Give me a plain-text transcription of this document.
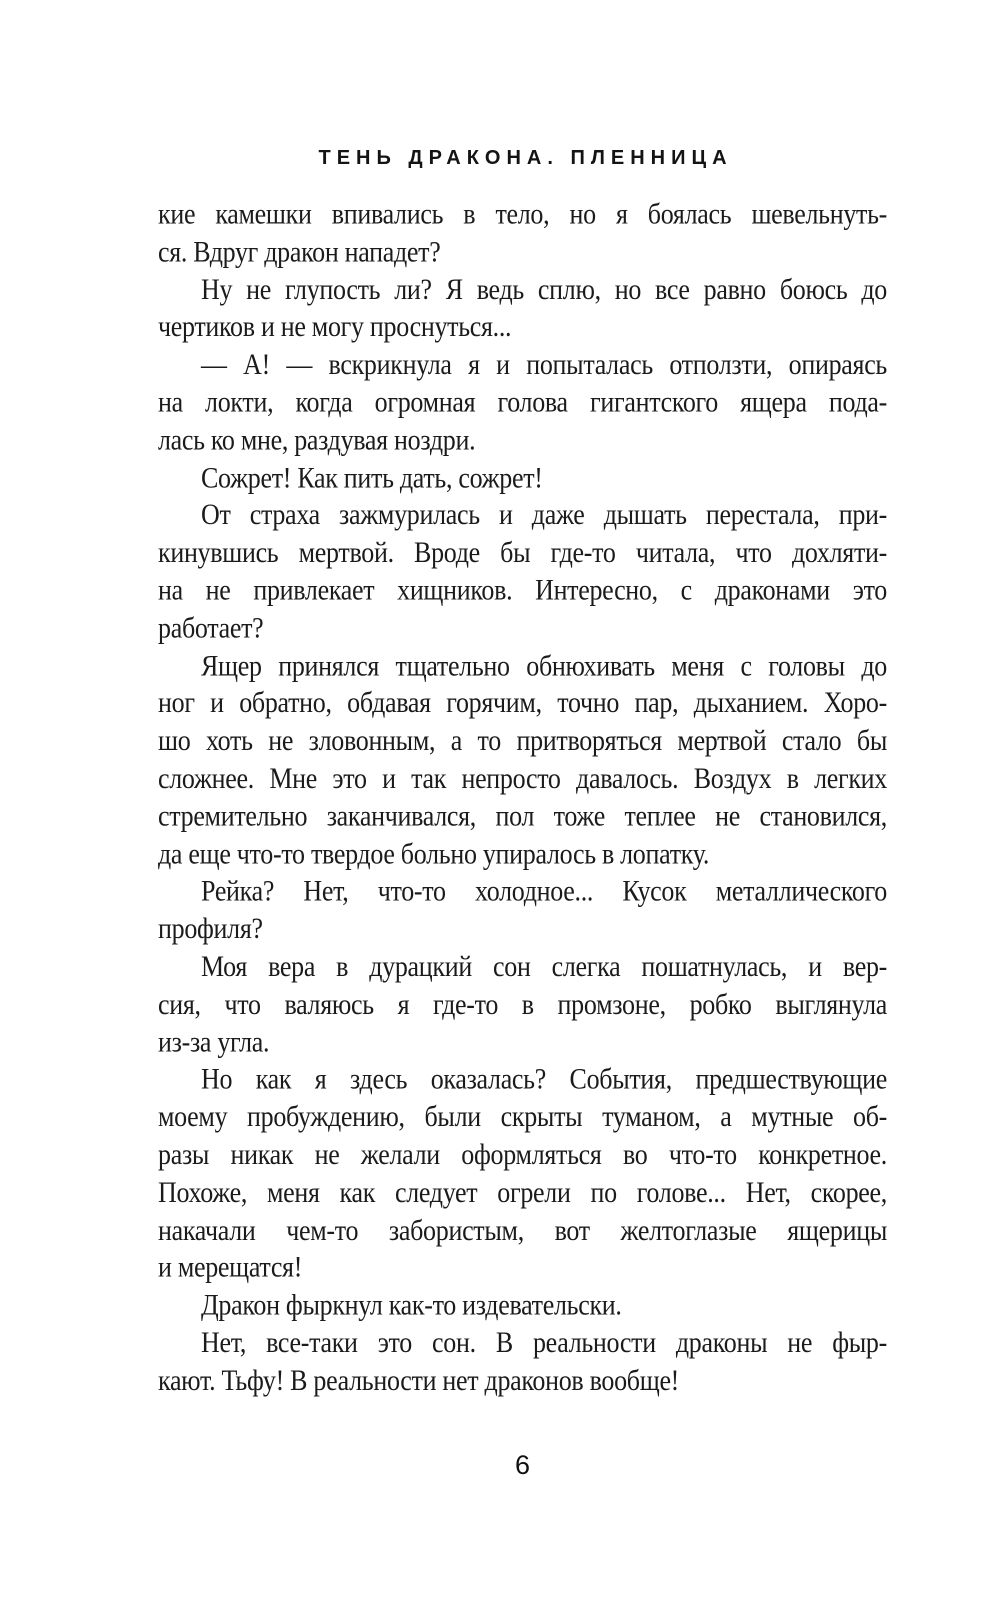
ТЕНЬ ДРАКОНА. ПЛЕННИЦА
кие камешки впивались в тело, но я боялась шевельнуть-
ся. Вдруг дракон нападет?
Ну не глупость ли? Я ведь сплю, но все равно боюсь до
чертиков и не могу проснуться...
— А! — вскрикнула я и попыталась отползти, опираясь
на локти, когда огромная голова гигантского ящера пода-
лась ко мне, раздувая ноздри.
Сожрет! Как пить дать, сожрет!
От страха зажмурилась и даже дышать перестала, при-
кинувшись мертвой. Вроде бы где-то читала, что дохляти-
на не привлекает хищников. Интересно, с драконами это
работает?
Ящер принялся тщательно обнюхивать меня с головы до
ног и обратно, обдавая горячим, точно пар, дыханием. Хоро-
шо хоть не зловонным, а то притворяться мертвой стало бы
сложнее. Мне это и так непросто давалось. Воздух в легких
стремительно заканчивался, пол тоже теплее не становился,
да еще что-то твердое больно упиралось в лопатку.
Рейка? Нет, что-то холодное... Кусок металлического
профиля?
Моя вера в дурацкий сон слегка пошатнулась, и вер-
сия, что валяюсь я где-то в промзоне, робко выглянула
из-за угла.
Но как я здесь оказалась? События, предшествующие
моему пробуждению, были скрыты туманом, а мутные об-
разы никак не желали оформляться во что-то конкретное.
Похоже, меня как следует огрели по голове... Нет, скорее,
накачали чем-то забористым, вот желтоглазые ящерицы
и мерещатся!
Дракон фыркнул как-то издевательски.
Нет, все-таки это сон. В реальности драконы не фыр-
кают. Тьфу! В реальности нет драконов вообще!
6
